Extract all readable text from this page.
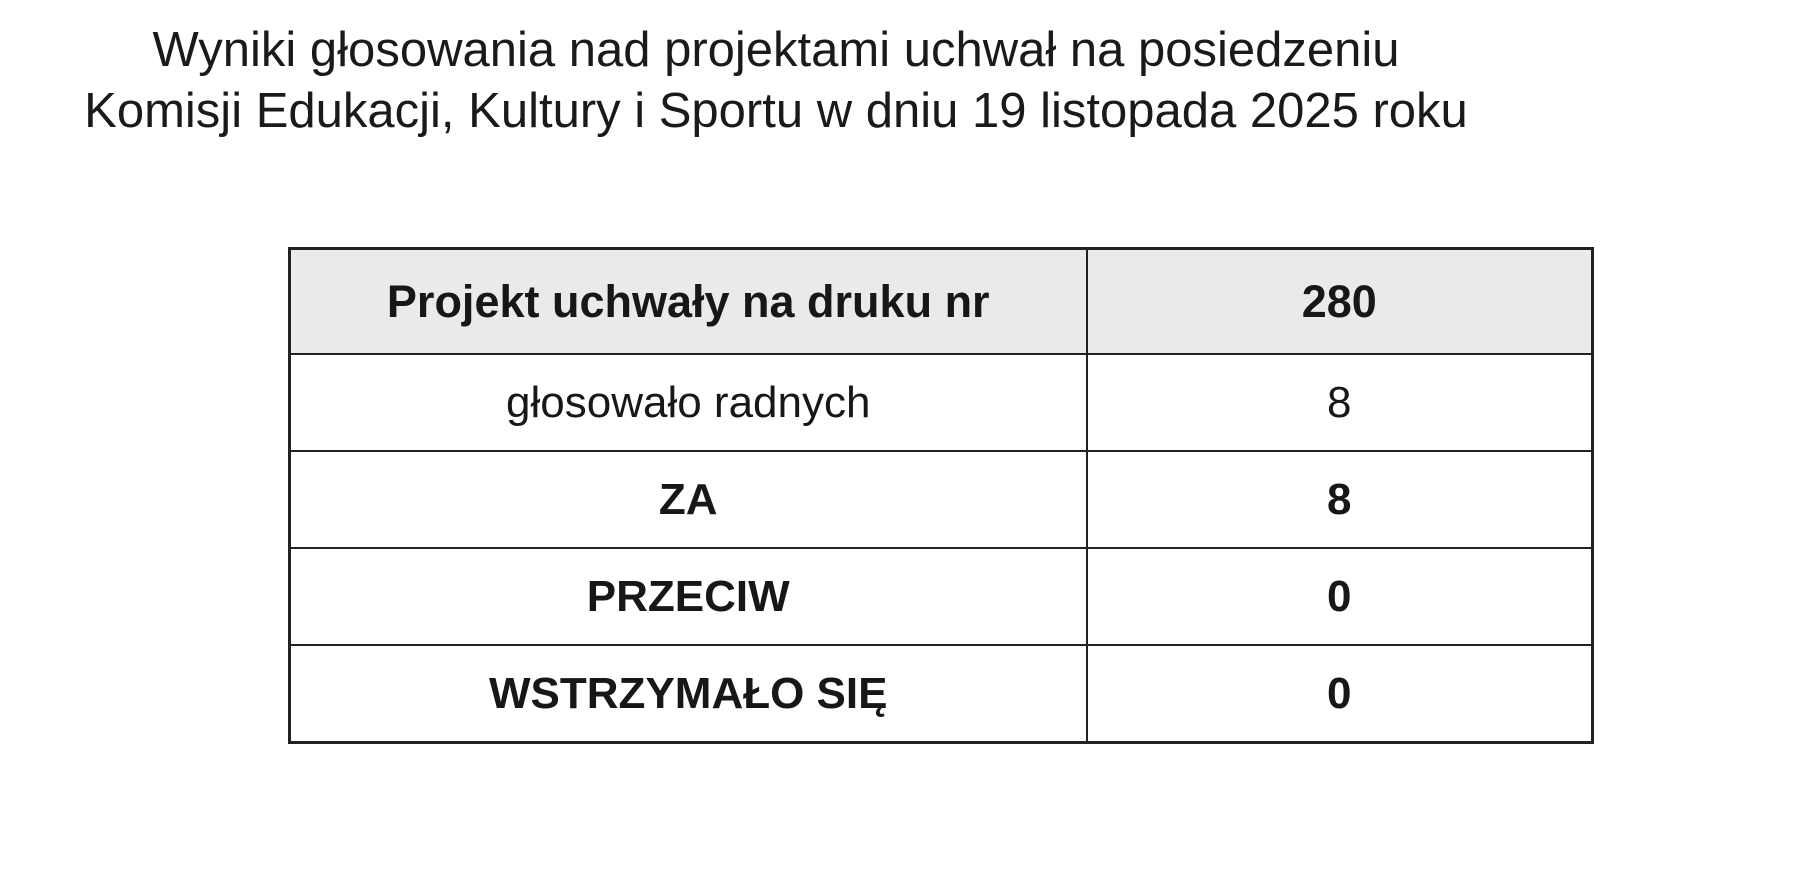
Wyniki głosowania nad projektami uchwał na posiedzeniu
Komisji Edukacji, Kultury i Sportu w dniu 19 listopada 2025 roku
Projekt uchwały na druku nr	280
głosowało radnych	8
ZA	8
PRZECIW	0
WSTRZYMAŁO SIĘ	0
